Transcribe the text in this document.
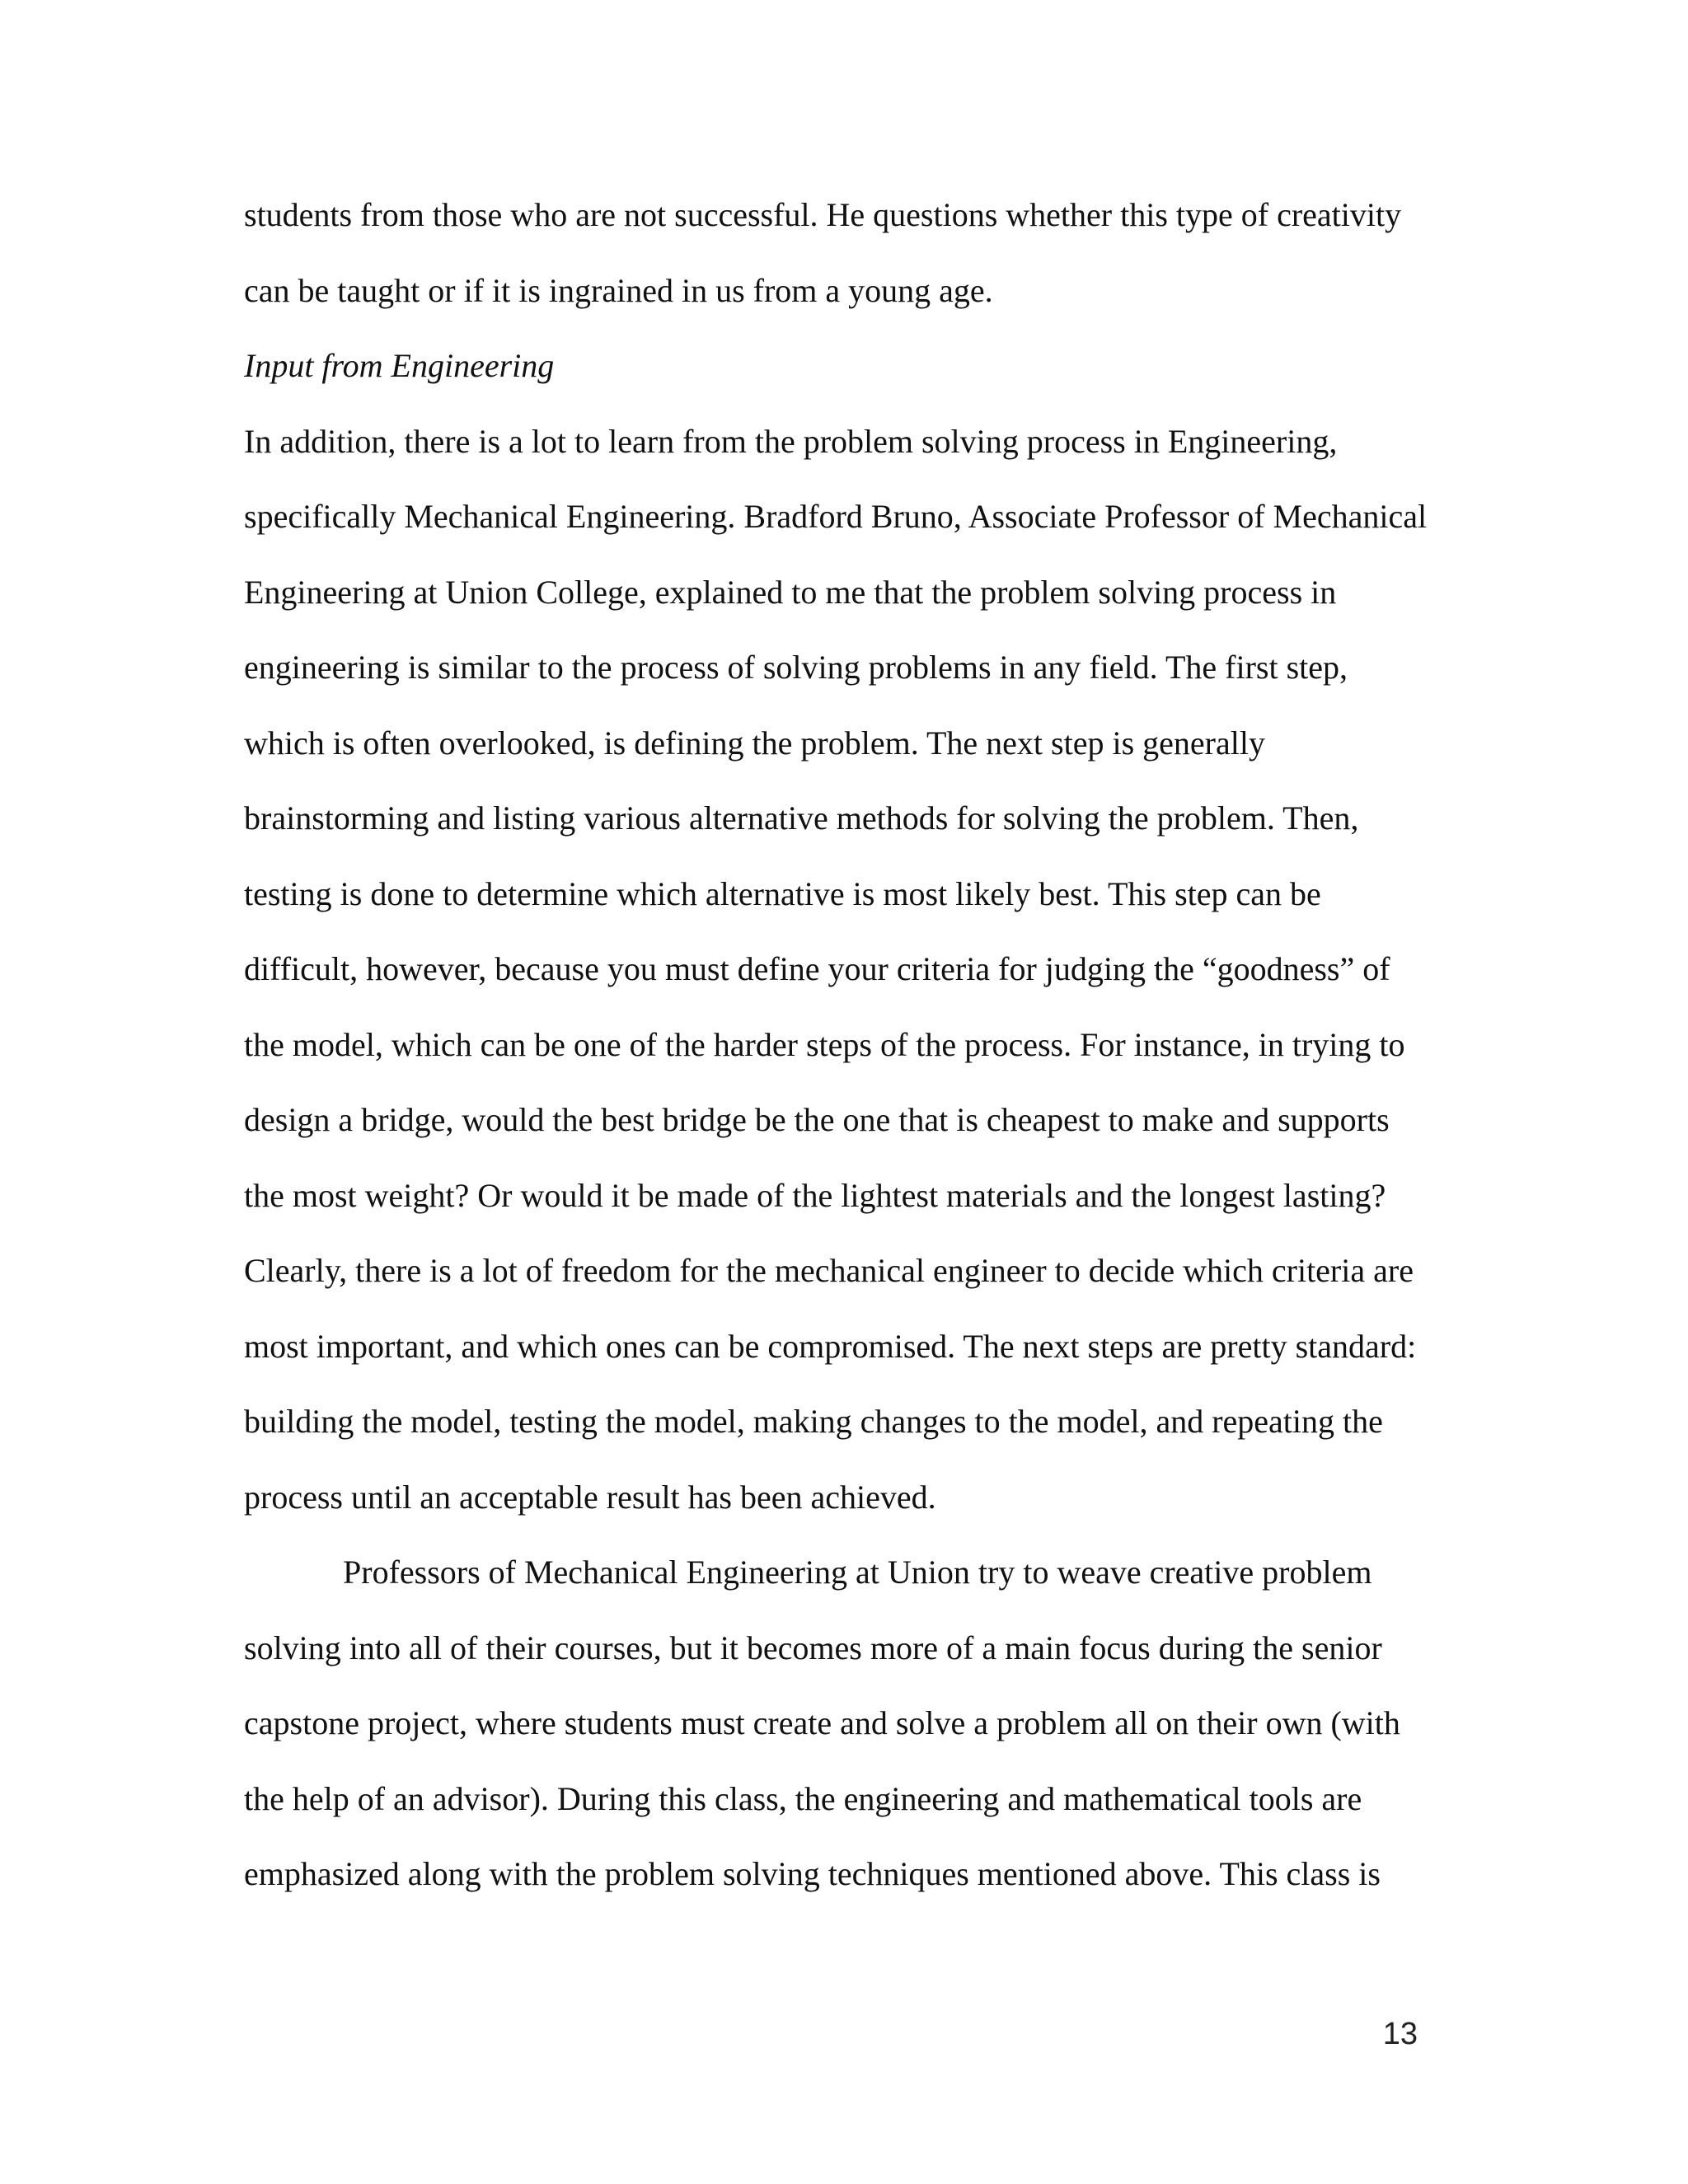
students from those who are not successful. He questions whether this type of creativity
can be taught or if it is ingrained in us from a young age.
Input from Engineering
In addition, there is a lot to learn from the problem solving process in Engineering,
specifically Mechanical Engineering. Bradford Bruno, Associate Professor of Mechanical
Engineering at Union College, explained to me that the problem solving process in
engineering is similar to the process of solving problems in any field. The first step,
which is often overlooked, is defining the problem. The next step is generally
brainstorming and listing various alternative methods for solving the problem. Then,
testing is done to determine which alternative is most likely best. This step can be
difficult, however, because you must define your criteria for judging the “goodness” of
the model, which can be one of the harder steps of the process. For instance, in trying to
design a bridge, would the best bridge be the one that is cheapest to make and supports
the most weight? Or would it be made of the lightest materials and the longest lasting?
Clearly, there is a lot of freedom for the mechanical engineer to decide which criteria are
most important, and which ones can be compromised. The next steps are pretty standard:
building the model, testing the model, making changes to the model, and repeating the
process until an acceptable result has been achieved.
Professors of Mechanical Engineering at Union try to weave creative problem
solving into all of their courses, but it becomes more of a main focus during the senior
capstone project, where students must create and solve a problem all on their own (with
the help of an advisor). During this class, the engineering and mathematical tools are
emphasized along with the problem solving techniques mentioned above. This class is
13
